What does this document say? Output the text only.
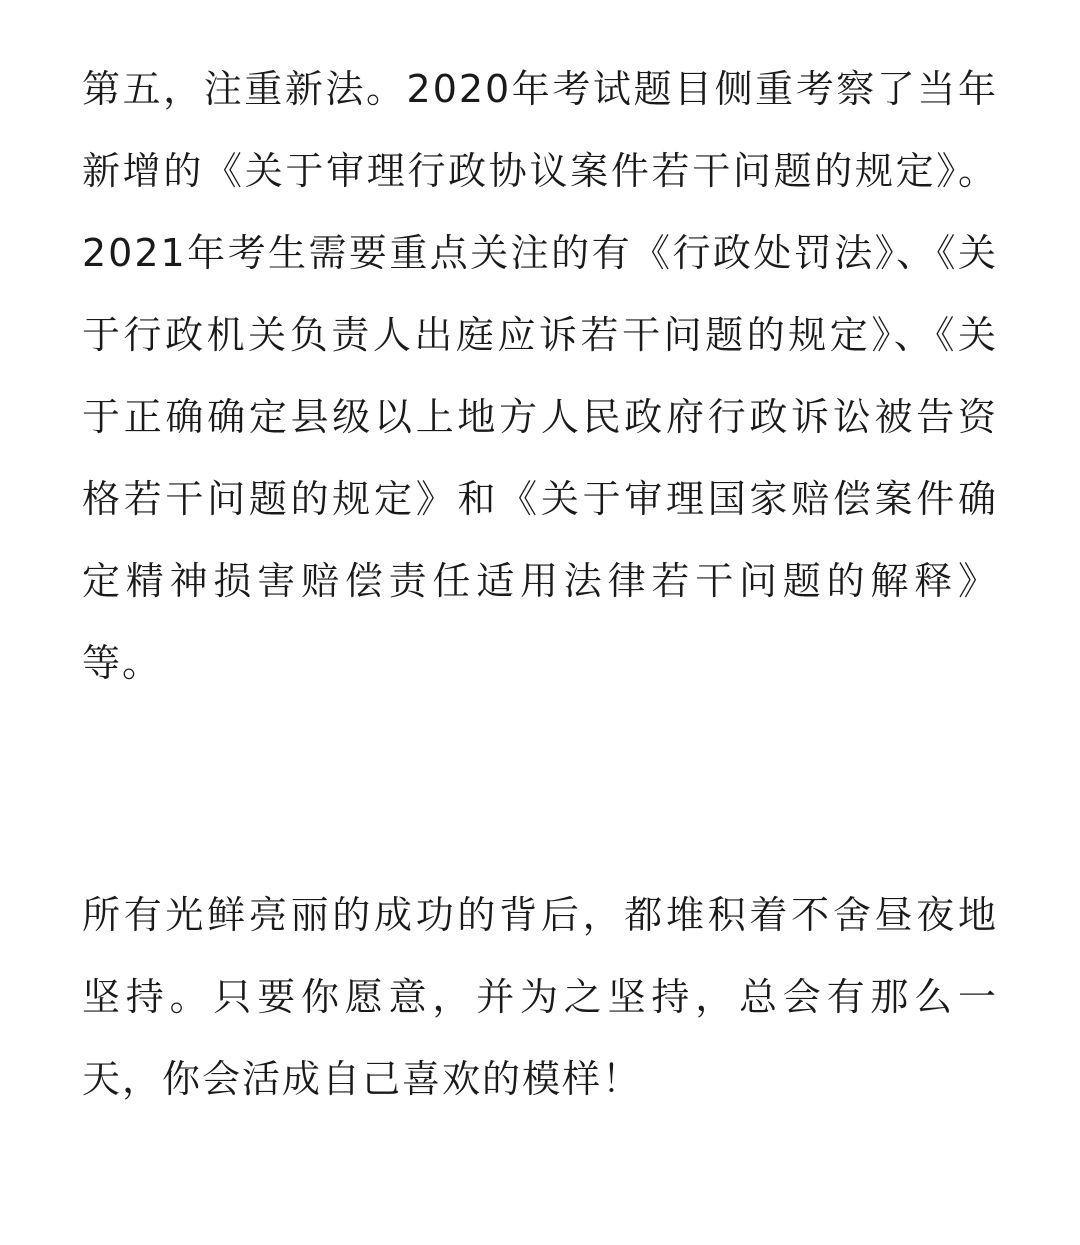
第五，注重新法。2020年考试题目侧重考察了当年新增的《关于审理行政协议案件若干问题的规定》。2021年考生需要重点关注的有《行政处罚法》、《关于行政机关负责人出庭应诉若干问题的规定》、《关于正确确定县级以上地方人民政府行政诉讼被告资格若干问题的规定》和《关于审理国家赔偿案件确定精神损害赔偿责任适用法律若干问题的解释》等。

所有光鲜亮丽的成功的背后，都堆积着不舍昼夜地坚持。只要你愿意，并为之坚持，总会有那么一天，你会活成自己喜欢的模样！
